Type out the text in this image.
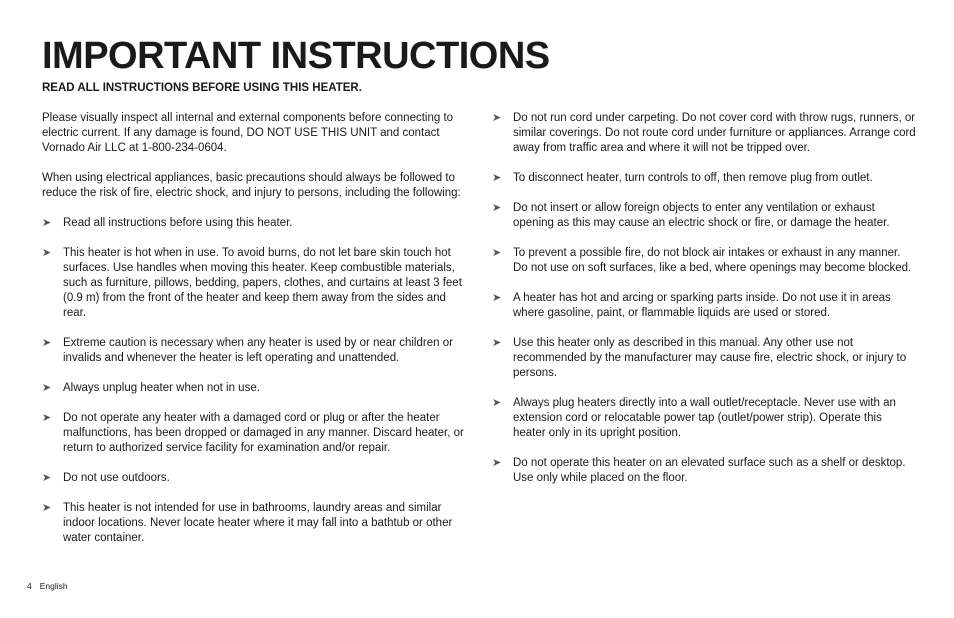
IMPORTANT INSTRUCTIONS
READ ALL INSTRUCTIONS BEFORE USING THIS HEATER.

Please visually inspect all internal and external components before connecting to electric current. If any damage is found, DO NOT USE THIS UNIT and contact Vornado Air LLC at 1-800-234-0604.

When using electrical appliances, basic precautions should always be followed to reduce the risk of fire, electric shock, and injury to persons, including the following:

➤ Read all instructions before using this heater.
➤ This heater is hot when in use. To avoid burns, do not let bare skin touch hot surfaces. Use handles when moving this heater. Keep combustible materials, such as furniture, pillows, bedding, papers, clothes, and curtains at least 3 feet (0.9 m) from the front of the heater and keep them away from the sides and rear.
➤ Extreme caution is necessary when any heater is used by or near children or invalids and whenever the heater is left operating and unattended.
➤ Always unplug heater when not in use.
➤ Do not operate any heater with a damaged cord or plug or after the heater malfunctions, has been dropped or damaged in any manner. Discard heater, or return to authorized service facility for examination and/or repair.
➤ Do not use outdoors.
➤ This heater is not intended for use in bathrooms, laundry areas and similar indoor locations. Never locate heater where it may fall into a bathtub or other water container.
➤ Do not run cord under carpeting. Do not cover cord with throw rugs, runners, or similar coverings. Do not route cord under furniture or appliances. Arrange cord away from traffic area and where it will not be tripped over.
➤ To disconnect heater, turn controls to off, then remove plug from outlet.
➤ Do not insert or allow foreign objects to enter any ventilation or exhaust opening as this may cause an electric shock or fire, or damage the heater.
➤ To prevent a possible fire, do not block air intakes or exhaust in any manner. Do not use on soft surfaces, like a bed, where openings may become blocked.
➤ A heater has hot and arcing or sparking parts inside. Do not use it in areas where gasoline, paint, or flammable liquids are used or stored.
➤ Use this heater only as described in this manual. Any other use not recommended by the manufacturer may cause fire, electric shock, or injury to persons.
➤ Always plug heaters directly into a wall outlet/receptacle. Never use with an extension cord or relocatable power tap (outlet/power strip). Operate this heater only in its upright position.
➤ Do not operate this heater on an elevated surface such as a shelf or desktop. Use only while placed on the floor.
4 English
